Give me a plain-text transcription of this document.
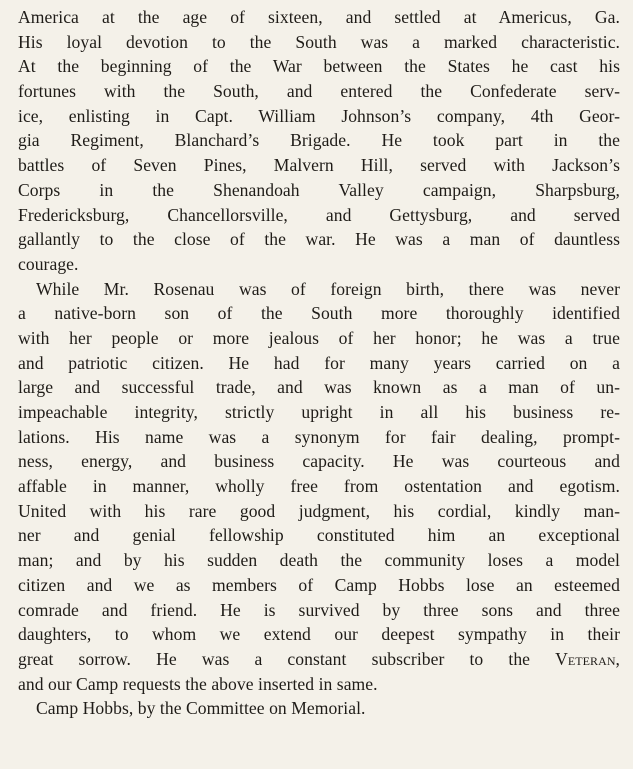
America at the age of sixteen, and settled at Americus, Ga.
His loyal devotion to the South was a marked characteristic.
At the beginning of the War between the States he cast his
fortunes with the South, and entered the Confederate serv-
ice, enlisting in Capt. William Johnson’s company, 4th Geor-
gia Regiment, Blanchard’s Brigade. He took part in the
battles of Seven Pines, Malvern Hill, served with Jackson’s
Corps in the Shenandoah Valley campaign, Sharpsburg,
Fredericksburg, Chancellorsville, and Gettysburg, and served
gallantly to the close of the war. He was a man of dauntless
courage.
While Mr. Rosenau was of foreign birth, there was never
a native-born son of the South more thoroughly identified
with her people or more jealous of her honor; he was a true
and patriotic citizen. He had for many years carried on a
large and successful trade, and was known as a man of un-
impeachable integrity, strictly upright in all his business re-
lations. His name was a synonym for fair dealing, prompt-
ness, energy, and business capacity. He was courteous and
affable in manner, wholly free from ostentation and egotism.
United with his rare good judgment, his cordial, kindly man-
ner and genial fellowship constituted him an exceptional
man; and by his sudden death the community loses a model
citizen and we as members of Camp Hobbs lose an esteemed
comrade and friend. He is survived by three sons and three
daughters, to whom we extend our deepest sympathy in their
great sorrow. He was a constant subscriber to the Veteran,
and our Camp requests the above inserted in same.
Camp Hobbs, by the Committee on Memorial.
